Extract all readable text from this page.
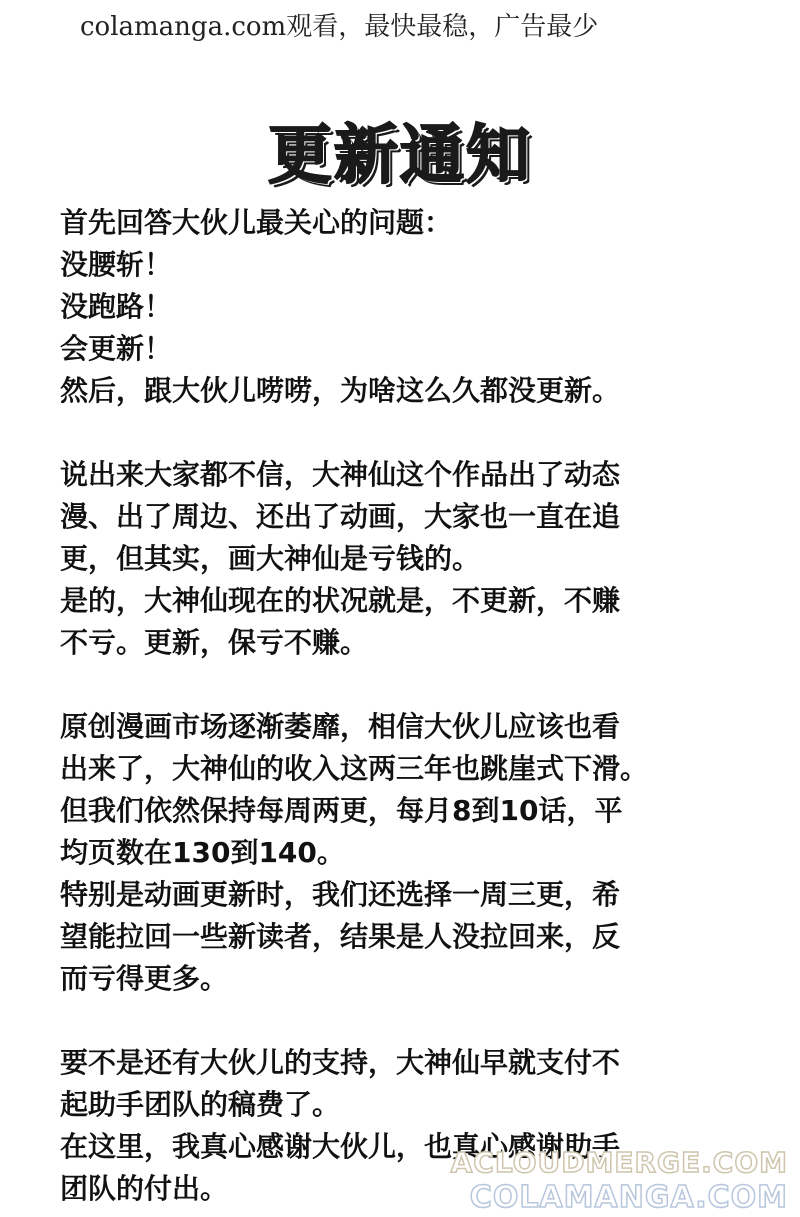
colamanga.com观看，最快最稳，广告最少
更新通知
首先回答大伙儿最关心的问题：
没腰斩！
没跑路！
会更新！
然后，跟大伙儿唠唠，为啥这么久都没更新。
说出来大家都不信，大神仙这个作品出了动态
漫、出了周边、还出了动画，大家也一直在追
更，但其实，画大神仙是亏钱的。
是的，大神仙现在的状况就是，不更新，不赚
不亏。更新，保亏不赚。
原创漫画市场逐渐萎靡，相信大伙儿应该也看
出来了，大神仙的收入这两三年也跳崖式下滑。
但我们依然保持每周两更，每月8到10话，平
均页数在130到140。
特别是动画更新时，我们还选择一周三更，希
望能拉回一些新读者，结果是人没拉回来，反
而亏得更多。
要不是还有大伙儿的支持，大神仙早就支付不
起助手团队的稿费了。
在这里，我真心感谢大伙儿，也真心感谢助手
团队的付出。
ACLOUDMERGE.COM
COLAMANGA.COM
